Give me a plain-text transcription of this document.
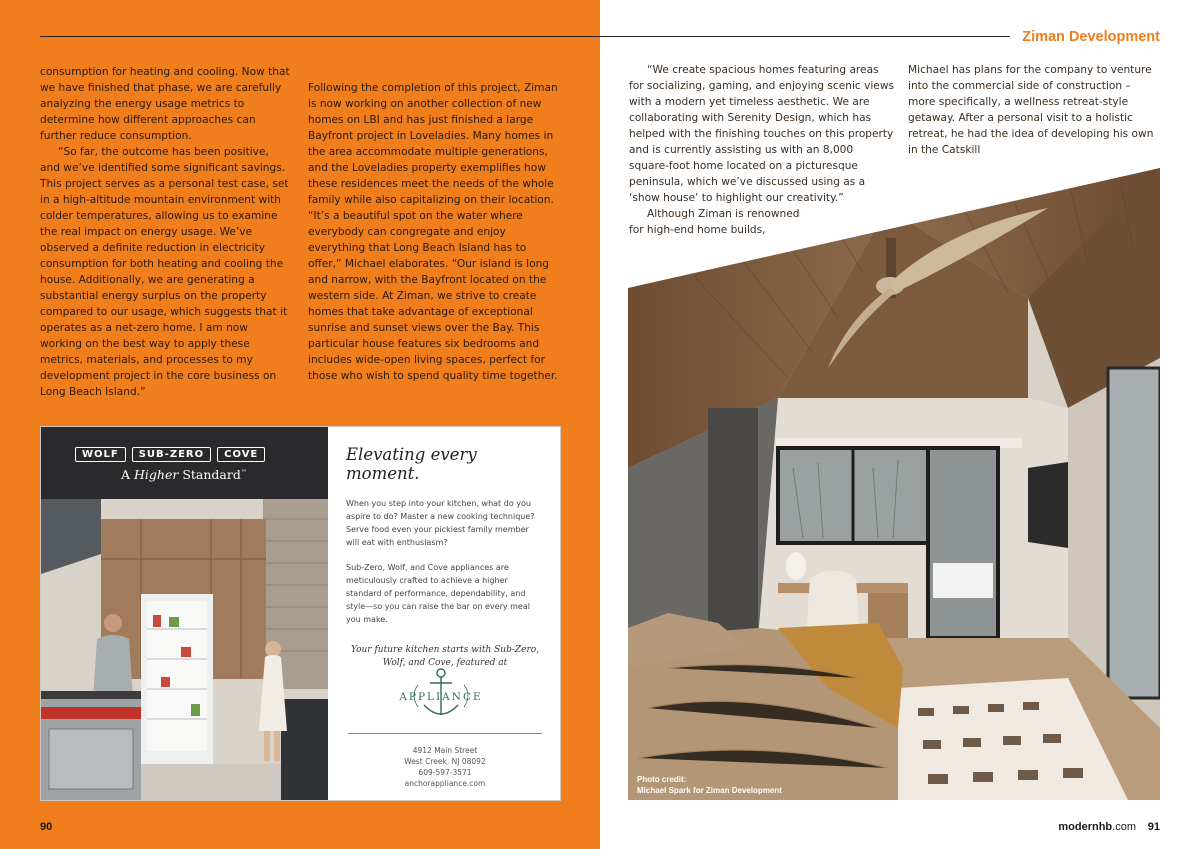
consumption for heating and cooling. Now that we have finished that phase, we are carefully analyzing the energy usage metrics to determine how different approaches can further reduce consumption.

“So far, the outcome has been positive, and we’ve identified some significant savings. This project serves as a personal test case, set in a high-altitude mountain environment with colder temperatures, allowing us to examine the real impact on energy usage. We’ve observed a definite reduction in electricity consumption for both heating and cooling the house. Additionally, we are generating a substantial energy surplus on the property compared to our usage, which suggests that it operates as a net-zero home. I am now working on the best way to apply these metrics, materials, and processes to my development project in the core business on Long Beach Island.”

Following the completion of this project, Ziman is now working on another collection of new homes on LBI and has just finished a large Bayfront project in Loveladies. Many homes in the area accommodate multiple generations, and the Loveladies property exemplifies how these residences meet the needs of the whole family while also capitalizing on their location. “It’s a beautiful spot on the water where everybody can congregate and enjoy everything that Long Beach Island has to offer,” Michael elaborates. “Our island is long and narrow, with the Bayfront located on the western side. At Ziman, we strive to create homes that take advantage of exceptional sunrise and sunset views over the Bay. This particular house features six bedrooms and includes wide-open living spaces, perfect for those who wish to spend quality time together.

WOLF	SUB-ZERO	COVE
A Higher Standard™
Elevating every moment.

When you step into your kitchen, what do you aspire to do? Master a new cooking technique? Serve food even your pickiest family member will eat with enthusiasm?

Sub-Zero, Wolf, and Cove appliances are meticulously crafted to achieve a higher standard of performance, dependability, and style—so you can raise the bar on every meal you make.

Your future kitchen starts with Sub-Zero, Wolf, and Cove, featured at

APPLIANCE
4912 Main Street
West Creek, NJ 08092
609-597-3571
anchorappliance.com
90
Ziman Development

“We create spacious homes featuring areas for socializing, gaming, and enjoying scenic views with a modern yet timeless aesthetic. We are collaborating with Serenity Design, which has helped with the finishing touches on this property and is currently assisting us with an 8,000 square-foot home located on a picturesque peninsula, which we’ve discussed using as a ‘show house’ to highlight our creativity.”

Although Ziman is renowned for high-end home builds,

Michael has plans for the company to venture into the commercial side of construction – more specifically, a wellness retreat-style getaway. After a personal visit to a holistic retreat, he had the idea of developing his own in the Catskill

Photo credit:
Michael Spark for Ziman Development
modernhb.com 91
